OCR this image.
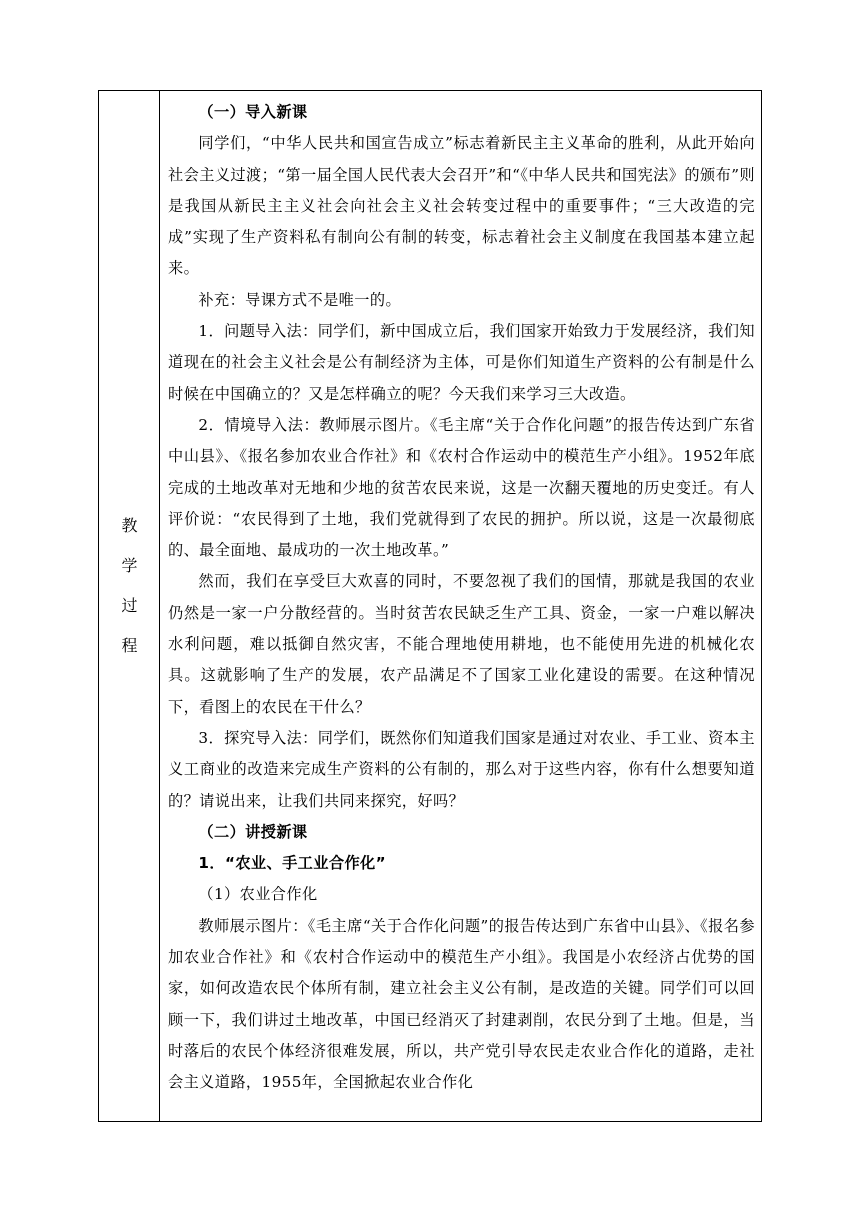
教
学
过
程

（一）导入新课

同学们，“中华人民共和国宣告成立”标志着新民主主义革命的胜利，从此开始向社会主义过渡；“第一届全国人民代表大会召开”和“《中华人民共和国宪法》的颁布”则是我国从新民主主义社会向社会主义社会转变过程中的重要事件；“三大改造的完成”实现了生产资料私有制向公有制的转变，标志着社会主义制度在我国基本建立起来。

补充：导课方式不是唯一的。

1．问题导入法：同学们，新中国成立后，我们国家开始致力于发展经济，我们知道现在的社会主义社会是公有制经济为主体，可是你们知道生产资料的公有制是什么时候在中国确立的？又是怎样确立的呢？今天我们来学习三大改造。

2．情境导入法：教师展示图片。《毛主席“关于合作化问题”的报告传达到广东省中山县》、《报名参加农业合作社》和《农村合作运动中的模范生产小组》。1952年底完成的土地改革对无地和少地的贫苦农民来说，这是一次翻天覆地的历史变迁。有人评价说：“农民得到了土地，我们党就得到了农民的拥护。所以说，这是一次最彻底的、最全面地、最成功的一次土地改革。”

然而，我们在享受巨大欢喜的同时，不要忽视了我们的国情，那就是我国的农业仍然是一家一户分散经营的。当时贫苦农民缺乏生产工具、资金，一家一户难以解决水利问题，难以抵御自然灾害，不能合理地使用耕地，也不能使用先进的机械化农具。这就影响了生产的发展，农产品满足不了国家工业化建设的需要。在这种情况下，看图上的农民在干什么？

3．探究导入法：同学们，既然你们知道我们国家是通过对农业、手工业、资本主义工商业的改造来完成生产资料的公有制的，那么对于这些内容，你有什么想要知道的？请说出来，让我们共同来探究，好吗？

（二）讲授新课

1．“农业、手工业合作化”

（1）农业合作化

教师展示图片：《毛主席“关于合作化问题”的报告传达到广东省中山县》、《报名参加农业合作社》和《农村合作运动中的模范生产小组》。我国是小农经济占优势的国家，如何改造农民个体所有制，建立社会主义公有制，是改造的关键。同学们可以回顾一下，我们讲过土地改革，中国已经消灭了封建剥削，农民分到了土地。但是，当时落后的农民个体经济很难发展，所以，共产党引导农民走农业合作化的道路，走社会主义道路，1955年，全国掀起农业合作化
